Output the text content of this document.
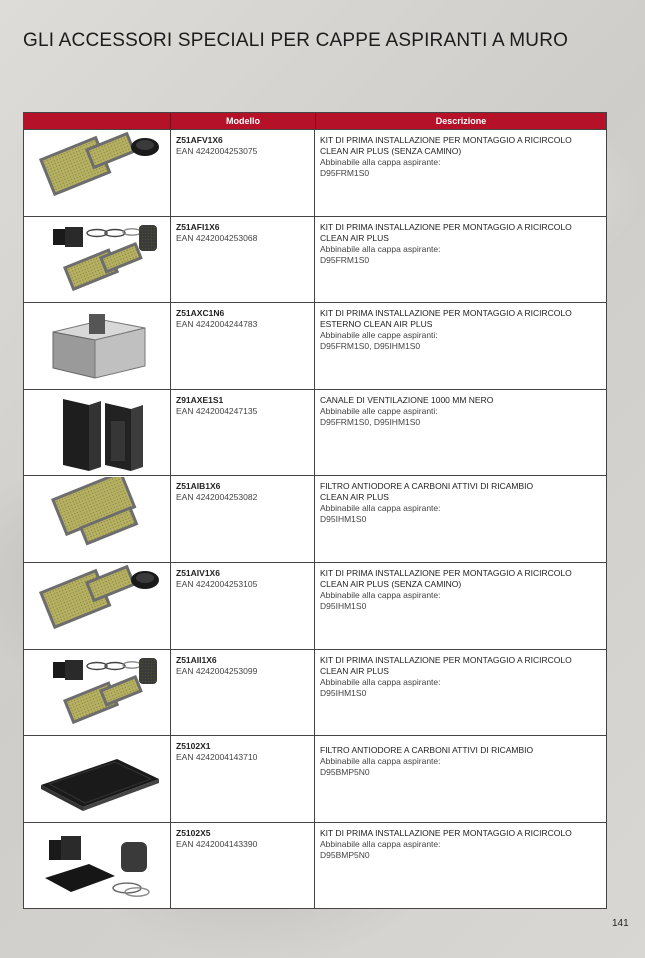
GLI ACCESSORI SPECIALI PER CAPPE ASPIRANTI A MURO
Modello	Descrizione
Z51AFV1X6
EAN 4242004253075
KIT DI PRIMA INSTALLAZIONE PER MONTAGGIO A RICIRCOLO
CLEAN AIR PLUS (SENZA CAMINO)
Abbinabile alla cappa aspirante:
D95FRM1S0
Z51AFI1X6
EAN 4242004253068
KIT DI PRIMA INSTALLAZIONE PER MONTAGGIO A RICIRCOLO
CLEAN AIR PLUS
Abbinabile alla cappa aspirante:
D95FRM1S0
Z51AXC1N6
EAN 4242004244783
KIT DI PRIMA INSTALLAZIONE PER MONTAGGIO A RICIRCOLO
ESTERNO CLEAN AIR PLUS
Abbinabile alle cappe aspiranti:
D95FRM1S0, D95IHM1S0
Z91AXE1S1
EAN 4242004247135
CANALE DI VENTILAZIONE 1000 MM NERO
Abbinabile alle cappe aspiranti:
D95FRM1S0, D95IHM1S0
Z51AIB1X6
EAN 4242004253082
FILTRO ANTIODORE A CARBONI ATTIVI DI RICAMBIO
CLEAN AIR PLUS
Abbinabile alla cappa aspirante:
D95IHM1S0
Z51AIV1X6
EAN 4242004253105
KIT DI PRIMA INSTALLAZIONE PER MONTAGGIO A RICIRCOLO
CLEAN AIR PLUS (SENZA CAMINO)
Abbinabile alla cappa aspirante:
D95IHM1S0
Z51AII1X6
EAN 4242004253099
KIT DI PRIMA INSTALLAZIONE PER MONTAGGIO A RICIRCOLO
CLEAN AIR PLUS
Abbinabile alla cappa aspirante:
D95IHM1S0
Z5102X1
EAN 4242004143710
FILTRO ANTIODORE A CARBONI ATTIVI DI RICAMBIO
Abbinabile alla cappa aspirante:
D95BMP5N0
Z5102X5
EAN 4242004143390
KIT DI PRIMA INSTALLAZIONE PER MONTAGGIO A RICIRCOLO
Abbinabile alla cappa aspirante:
D95BMP5N0
141
